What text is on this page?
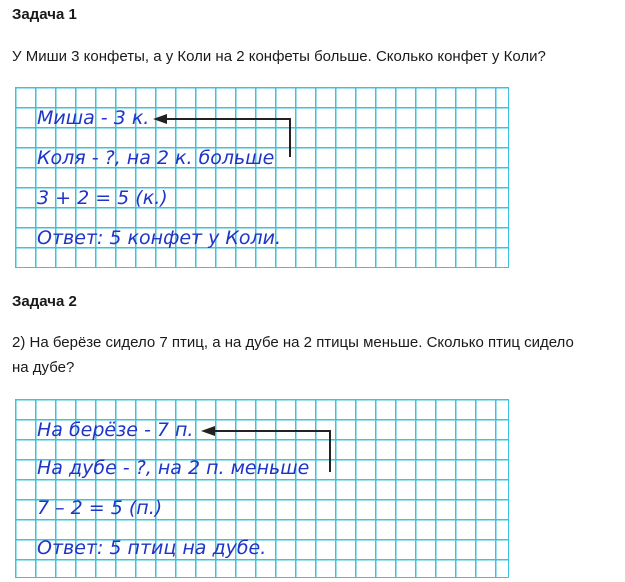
Задача 1
У Миши 3 конфеты, а у Коли на 2 конфеты больше. Сколько конфет у Коли?
Миша - 3 к.
Коля - ?, на 2 к. больше
3 + 2 = 5 (к.)
Ответ: 5 конфет у Коли.
Задача 2
2) На берёзе сидело 7 птиц, а на дубе на 2 птицы меньше. Сколько птиц сидело
на дубе?
На берёзе - 7 п.
На дубе - ?, на 2 п. меньше
7 – 2 = 5 (п.)
Ответ: 5 птиц на дубе.
